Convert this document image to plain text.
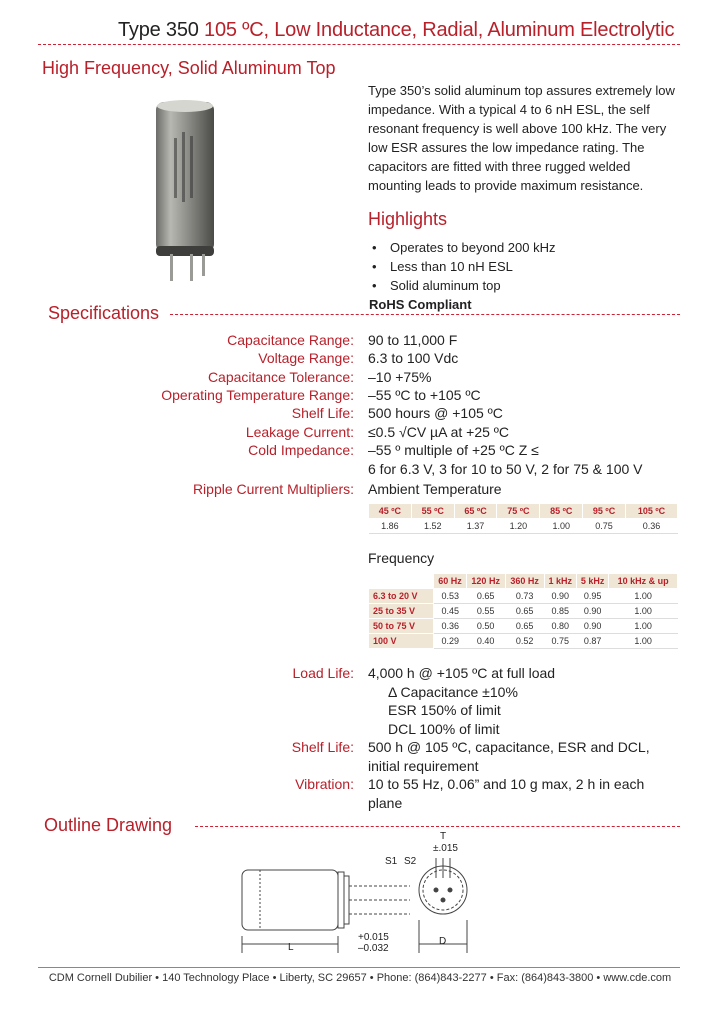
Type 350 105 ºC, Low Inductance, Radial, Aluminum Electrolytic
High Frequency, Solid Aluminum Top
Type 350’s solid aluminum top assures extremely low impedance. With a typical 4 to 6 nH ESL, the self resonant frequency is well above 100 kHz. The very low ESR assures the low impedance rating. The capacitors are fitted with three rugged welded mounting leads to provide maximum resistance.
Highlights
• Operates to beyond 200 kHz
• Less than 10 nH ESL
• Solid aluminum top
RoHS Compliant
Specifications
Capacitance Range: 90 to 11,000 F
Voltage Range: 6.3 to 100 Vdc
Capacitance Tolerance: –10 +75%
Operating Temperature Range: –55 ºC to +105 ºC
Shelf Life: 500 hours @ +105 ºC
Leakage Current: ≤0.5 √CV µA at +25 ºC
Cold Impedance: –55 º multiple of +25 ºC Z ≤
6 for 6.3 V, 3 for 10 to 50 V, 2 for 75 & 100 V
Ripple Current Multipliers: Ambient Temperature
45 ºC	55 ºC	65 ºC	75 ºC	85 ºC	95 ºC	105 ºC
1.86	1.52	1.37	1.20	1.00	0.75	0.36
Frequency
	60 Hz	120 Hz	360 Hz	1 kHz	5 kHz	10 kHz & up
6.3 to 20 V	0.53	0.65	0.73	0.90	0.95	1.00
25 to 35 V	0.45	0.55	0.65	0.85	0.90	1.00
50 to 75 V	0.36	0.50	0.65	0.80	0.90	1.00
100 V	0.29	0.40	0.52	0.75	0.87	1.00
Load Life: 4,000 h @ +105 ºC at full load
Δ Capacitance ±10%
ESR 150% of limit
DCL 100% of limit
Shelf Life: 500 h @ 105 ºC, capacitance, ESR and DCL,
initial requirement
Vibration: 10 to 55 Hz, 0.06” and 10 g max, 2 h in each
plane
Outline Drawing
T
±.015
S1 S2
L
D
+0.015
–0.032
CDM Cornell Dubilier • 140 Technology Place • Liberty, SC 29657 • Phone: (864)843-2277 • Fax: (864)843-3800 • www.cde.com
